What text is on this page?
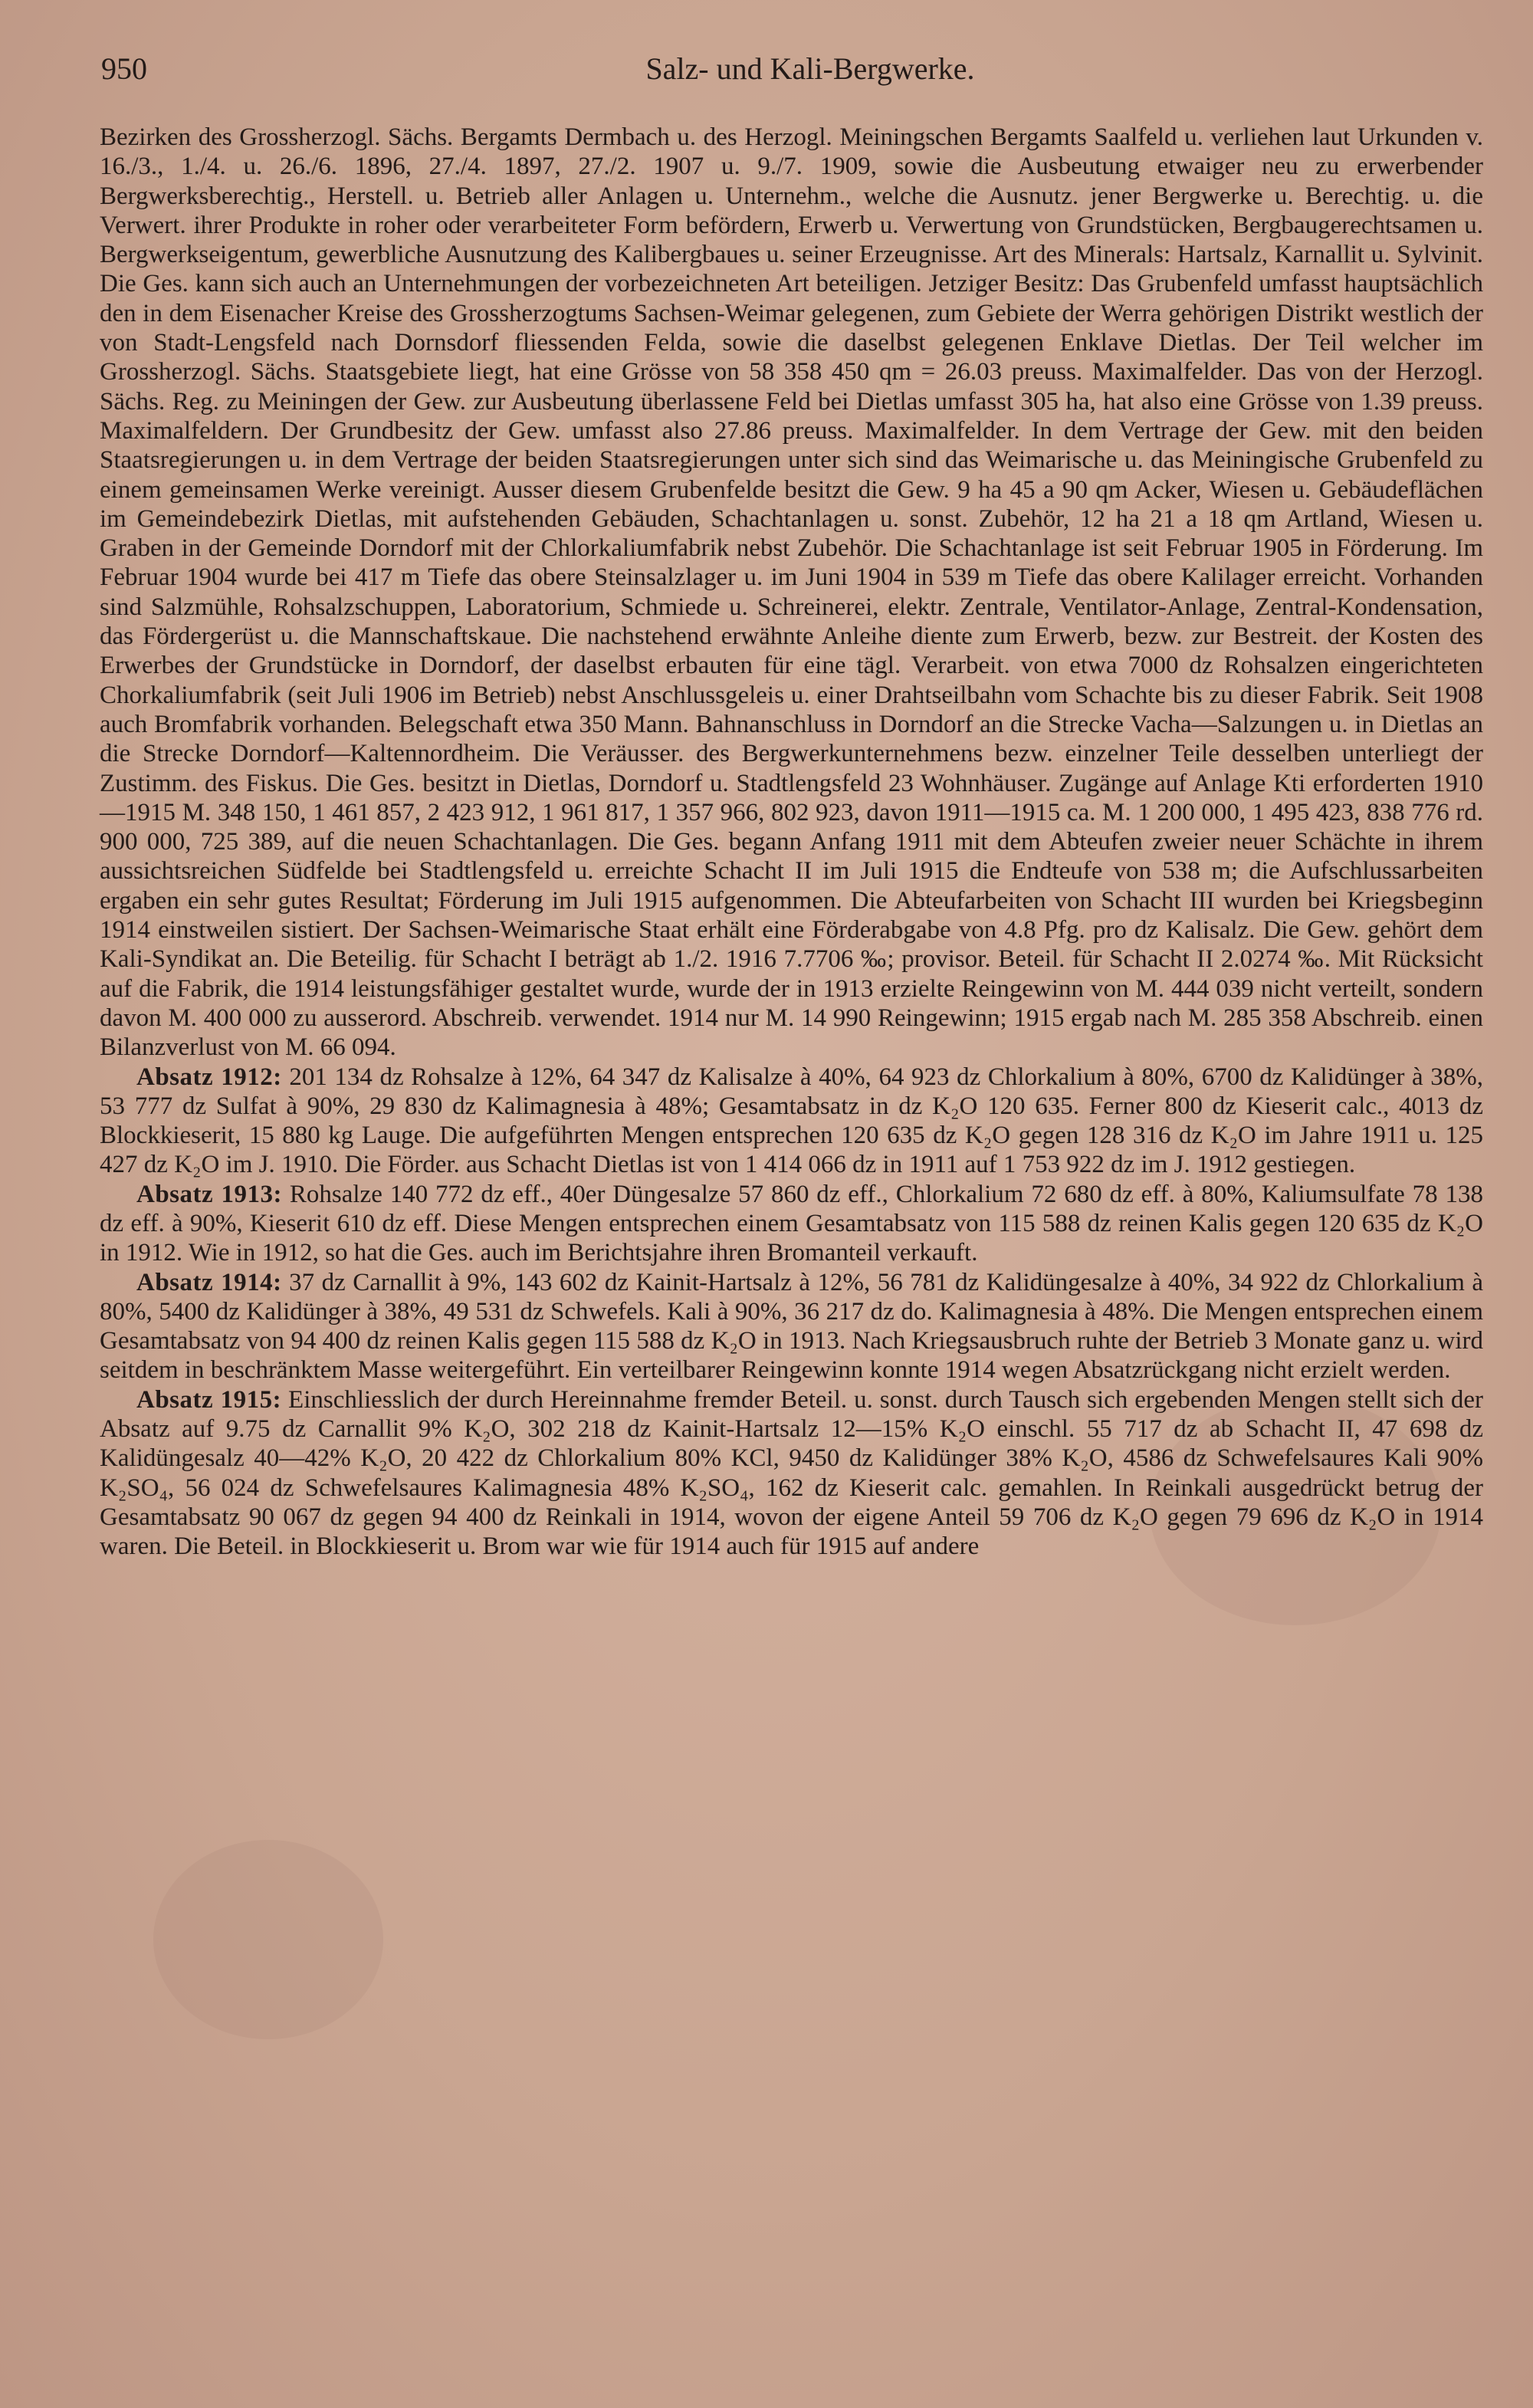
950	Salz- und Kali-Bergwerke.

Bezirken des Grossherzogl. Sächs. Bergamts Dermbach u. des Herzogl. Meiningschen Bergamts Saalfeld u. verliehen laut Urkunden v. 16./3., 1./4. u. 26./6. 1896, 27./4. 1897, 27./2. 1907 u. 9./7. 1909, sowie die Ausbeutung etwaiger neu zu erwerbender Bergwerksberechtig., Herstell. u. Betrieb aller Anlagen u. Unternehm., welche die Ausnutz. jener Bergwerke u. Berechtig. u. die Verwert. ihrer Produkte in roher oder verarbeiteter Form befördern, Erwerb u. Verwertung von Grundstücken, Bergbaugerechtsamen u. Bergwerkseigentum, gewerbliche Ausnutzung des Kalibergbaues u. seiner Erzeugnisse. Art des Minerals: Hartsalz, Karnallit u. Sylvinit. Die Ges. kann sich auch an Unternehmungen der vorbezeichneten Art beteiligen. Jetziger Besitz: Das Grubenfeld umfasst hauptsächlich den in dem Eisenacher Kreise des Grossherzogtums Sachsen-Weimar gelegenen, zum Gebiete der Werra gehörigen Distrikt westlich der von Stadt-Lengsfeld nach Dornsdorf fliessenden Felda, sowie die daselbst gelegenen Enklave Dietlas. Der Teil welcher im Grossherzogl. Sächs. Staatsgebiete liegt, hat eine Grösse von 58 358 450 qm = 26.03 preuss. Maximalfelder. Das von der Herzogl. Sächs. Reg. zu Meiningen der Gew. zur Ausbeutung überlassene Feld bei Dietlas umfasst 305 ha, hat also eine Grösse von 1.39 preuss. Maximalfeldern. Der Grundbesitz der Gew. umfasst also 27.86 preuss. Maximalfelder. In dem Vertrage der Gew. mit den beiden Staatsregierungen u. in dem Vertrage der beiden Staatsregierungen unter sich sind das Weimarische u. das Meiningische Grubenfeld zu einem gemeinsamen Werke vereinigt. Ausser diesem Grubenfelde besitzt die Gew. 9 ha 45 a 90 qm Acker, Wiesen u. Gebäudeflächen im Gemeindebezirk Dietlas, mit aufstehenden Gebäuden, Schachtanlagen u. sonst. Zubehör, 12 ha 21 a 18 qm Artland, Wiesen u. Graben in der Gemeinde Dorndorf mit der Chlorkaliumfabrik nebst Zubehör. Die Schachtanlage ist seit Februar 1905 in Förderung. Im Februar 1904 wurde bei 417 m Tiefe das obere Steinsalzlager u. im Juni 1904 in 539 m Tiefe das obere Kalilager erreicht. Vorhanden sind Salzmühle, Rohsalzschuppen, Laboratorium, Schmiede u. Schreinerei, elektr. Zentrale, Ventilator-Anlage, Zentral-Kondensation, das Fördergerüst u. die Mannschaftskaue. Die nachstehend erwähnte Anleihe diente zum Erwerb, bezw. zur Bestreit. der Kosten des Erwerbes der Grundstücke in Dorndorf, der daselbst erbauten für eine tägl. Verarbeit. von etwa 7000 dz Rohsalzen eingerichteten Chorkaliumfabrik (seit Juli 1906 im Betrieb) nebst Anschlussgeleis u. einer Drahtseilbahn vom Schachte bis zu dieser Fabrik. Seit 1908 auch Bromfabrik vorhanden. Belegschaft etwa 350 Mann. Bahnanschluss in Dorndorf an die Strecke Vacha—Salzungen u. in Dietlas an die Strecke Dorndorf—Kaltennordheim. Die Veräusser. des Bergwerkunternehmens bezw. einzelner Teile desselben unterliegt der Zustimm. des Fiskus. Die Ges. besitzt in Dietlas, Dorndorf u. Stadtlengsfeld 23 Wohnhäuser. Zugänge auf Anlage Kti erforderten 1910—1915 M. 348 150, 1 461 857, 2 423 912, 1 961 817, 1 357 966, 802 923, davon 1911—1915 ca. M. 1 200 000, 1 495 423, 838 776 rd. 900 000, 725 389, auf die neuen Schachtanlagen. Die Ges. begann Anfang 1911 mit dem Abteufen zweier neuer Schächte in ihrem aussichtsreichen Südfelde bei Stadtlengsfeld u. erreichte Schacht II im Juli 1915 die Endteufe von 538 m; die Aufschlussarbeiten ergaben ein sehr gutes Resultat; Förderung im Juli 1915 aufgenommen. Die Abteufarbeiten von Schacht III wurden bei Kriegsbeginn 1914 einstweilen sistiert. Der Sachsen-Weimarische Staat erhält eine Förderabgabe von 4.8 Pfg. pro dz Kalisalz. Die Gew. gehört dem Kali-Syndikat an. Die Beteilig. für Schacht I beträgt ab 1./2. 1916 7.7706 ‰; provisor. Beteil. für Schacht II 2.0274 ‰. Mit Rücksicht auf die Fabrik, die 1914 leistungsfähiger gestaltet wurde, wurde der in 1913 erzielte Reingewinn von M. 444 039 nicht verteilt, sondern davon M. 400 000 zu ausserord. Abschreib. verwendet. 1914 nur M. 14 990 Reingewinn; 1915 ergab nach M. 285 358 Abschreib. einen Bilanzverlust von M. 66 094.

Absatz 1912: 201 134 dz Rohsalze à 12%, 64 347 dz Kalisalze à 40%, 64 923 dz Chlorkalium à 80%, 6700 dz Kalidünger à 38%, 53 777 dz Sulfat à 90%, 29 830 dz Kalimagnesia à 48%; Gesamtabsatz in dz K₂O 120 635. Ferner 800 dz Kieserit calc., 4013 dz Blockkieserit, 15 880 kg Lauge. Die aufgeführten Mengen entsprechen 120 635 dz K₂O gegen 128 316 dz K₂O im Jahre 1911 u. 125 427 dz K₂O im J. 1910. Die Förder. aus Schacht Dietlas ist von 1 414 066 dz in 1911 auf 1 753 922 dz im J. 1912 gestiegen.

Absatz 1913: Rohsalze 140 772 dz eff., 40er Düngesalze 57 860 dz eff., Chlorkalium 72 680 dz eff. à 80%, Kaliumsulfate 78 138 dz eff. à 90%, Kieserit 610 dz eff. Diese Mengen entsprechen einem Gesamtabsatz von 115 588 dz reinen Kalis gegen 120 635 dz K₂O in 1912. Wie in 1912, so hat die Ges. auch im Berichtsjahre ihren Bromanteil verkauft.

Absatz 1914: 37 dz Carnallit à 9%, 143 602 dz Kainit-Hartsalz à 12%, 56 781 dz Kalidüngesalze à 40%, 34 922 dz Chlorkalium à 80%, 5400 dz Kalidünger à 38%, 49 531 dz Schwefels. Kali à 90%, 36 217 dz do. Kalimagnesia à 48%. Die Mengen entsprechen einem Gesamtabsatz von 94 400 dz reinen Kalis gegen 115 588 dz K₂O in 1913. Nach Kriegsausbruch ruhte der Betrieb 3 Monate ganz u. wird seitdem in beschränktem Masse weitergeführt. Ein verteilbarer Reingewinn konnte 1914 wegen Absatzrückgang nicht erzielt werden.

Absatz 1915: Einschliesslich der durch Hereinnahme fremder Beteil. u. sonst. durch Tausch sich ergebenden Mengen stellt sich der Absatz auf 9.75 dz Carnallit 9% K₂O, 302 218 dz Kainit-Hartsalz 12—15% K₂O einschl. 55 717 dz ab Schacht II, 47 698 dz Kalidüngesalz 40—42% K₂O, 20 422 dz Chlorkalium 80% KCl, 9450 dz Kalidünger 38% K₂O, 4586 dz Schwefelsaures Kali 90% K₂SO₄, 56 024 dz Schwefelsaures Kalimagnesia 48% K₂SO₄, 162 dz Kieserit calc. gemahlen. In Reinkali ausgedrückt betrug der Gesamtabsatz 90 067 dz gegen 94 400 dz Reinkali in 1914, wovon der eigene Anteil 59 706 dz K₂O gegen 79 696 dz K₂O in 1914 waren. Die Beteil. in Blockkieserit u. Brom war wie für 1914 auch für 1915 auf andere
